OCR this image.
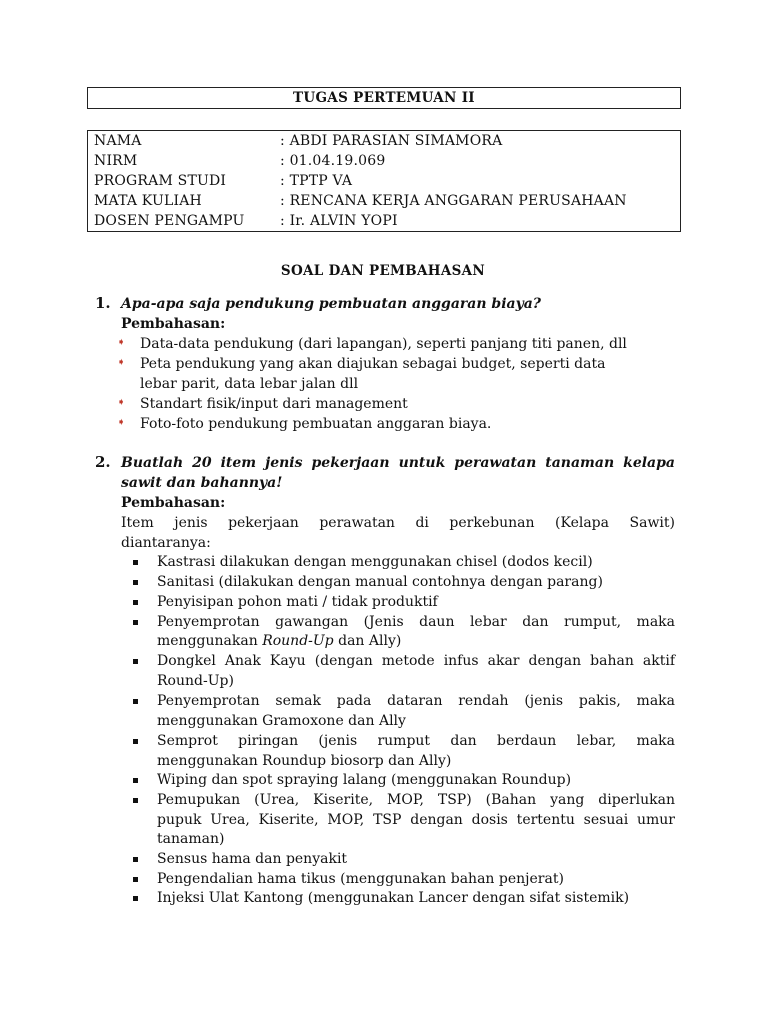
TUGAS PERTEMUAN II
NAMA	: ABDI PARASIAN SIMAMORA
NIRM	: 01.04.19.069
PROGRAM STUDI	: TPTP VA
MATA KULIAH	: RENCANA KERJA ANGGARAN PERUSAHAAN
DOSEN PENGAMPU	: Ir. ALVIN YOPI
SOAL DAN PEMBAHASAN
1. Apa-apa saja pendukung pembuatan anggaran biaya?
Pembahasan:
➧ Data-data pendukung (dari lapangan), seperti panjang titi panen, dll
➧ Peta pendukung yang akan diajukan sebagai budget, seperti data
lebar parit, data lebar jalan dll
➧ Standart fisik/input dari management
➧ Foto-foto pendukung pembuatan anggaran biaya.
2. Buatlah 20 item jenis pekerjaan untuk perawatan tanaman kelapa
sawit dan bahannya!
Pembahasan:
Item jenis pekerjaan perawatan di perkebunan (Kelapa Sawit)
diantaranya:
Kastrasi dilakukan dengan menggunakan chisel (dodos kecil)
Sanitasi (dilakukan dengan manual contohnya dengan parang)
Penyisipan pohon mati / tidak produktif
Penyemprotan gawangan (Jenis daun lebar dan rumput, maka
menggunakan Round-Up dan Ally)
Dongkel Anak Kayu (dengan metode infus akar dengan bahan aktif
Round-Up)
Penyemprotan semak pada dataran rendah (jenis pakis, maka
menggunakan Gramoxone dan Ally
Semprot piringan (jenis rumput dan berdaun lebar, maka
menggunakan Roundup biosorp dan Ally)
Wiping dan spot spraying lalang (menggunakan Roundup)
Pemupukan (Urea, Kiserite, MOP, TSP) (Bahan yang diperlukan
pupuk Urea, Kiserite, MOP, TSP dengan dosis tertentu sesuai umur
tanaman)
Sensus hama dan penyakit
Pengendalian hama tikus (menggunakan bahan penjerat)
Injeksi Ulat Kantong (menggunakan Lancer dengan sifat sistemik)
